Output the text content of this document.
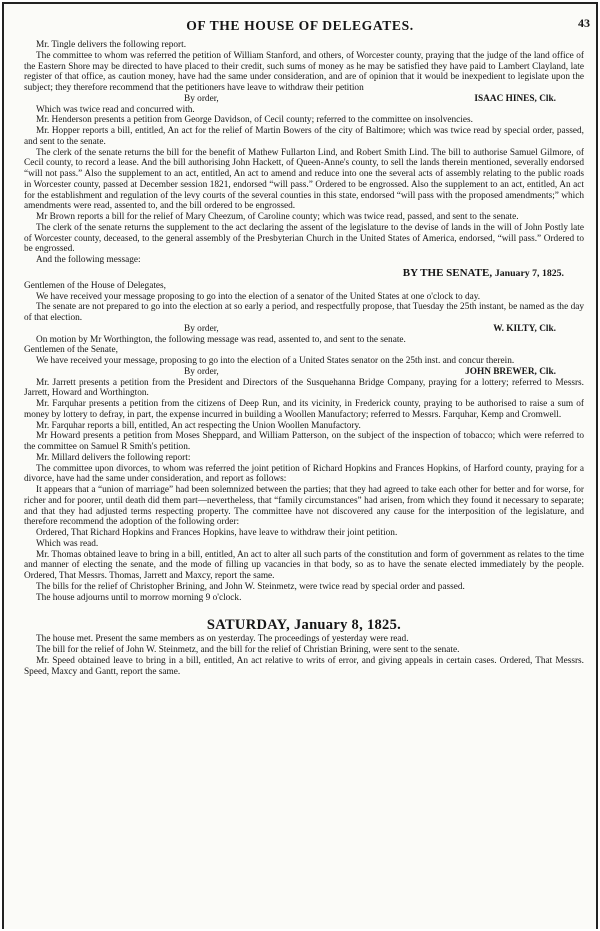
OF THE HOUSE OF DELEGATES.	43

Mr. Tingle delivers the following report.

The committee to whom was referred the petition of William Stanford, and others, of Worcester county, praying that the judge of the land office of the Eastern Shore may be directed to have placed to their credit, such sums of money as he may be satisfied they have paid to Lambert Clayland, late register of that office, as caution money, have had the same under consideration, and are of opinion that it would be inexpedient to legislate upon the subject; they therefore recommend that the petitioners have leave to withdraw their petition

By order,	ISAAC HINES, Clk.

Which was twice read and concurred with.

Mr. Henderson presents a petition from George Davidson, of Cecil county; referred to the committee on insolvencies.

Mr. Hopper reports a bill, entitled, An act for the relief of Martin Bowers of the city of Baltimore; which was twice read by special order, passed, and sent to the senate.

The clerk of the senate returns the bill for the benefit of Mathew Fullarton Lind, and Robert Smith Lind. The bill to authorise Samuel Gilmore, of Cecil county, to record a lease. And the bill authorising John Hackett, of Queen-Anne's county, to sell the lands therein mentioned, severally endorsed “will not pass.” Also the supplement to an act, entitled, An act to amend and reduce into one the several acts of assembly relating to the public roads in Worcester county, passed at December session 1821, endorsed “will pass.” Ordered to be engrossed. Also the supplement to an act, entitled, An act for the establishment and regulation of the levy courts of the several counties in this state, endorsed “will pass with the proposed amendments;” which amendments were read, assented to, and the bill ordered to be engrossed.

Mr Brown reports a bill for the relief of Mary Cheezum, of Caroline county; which was twice read, passed, and sent to the senate.

The clerk of the senate returns the supplement to the act declaring the assent of the legislature to the devise of lands in the will of John Postly late of Worcester county, deceased, to the general assembly of the Presbyterian Church in the United States of America, endorsed, “will pass.” Ordered to be engrossed.

And the following message:

BY THE SENATE, January 7, 1825.

Gentlemen of the House of Delegates,

We have received your message proposing to go into the election of a senator of the United States at one o'clock to day.

The senate are not prepared to go into the election at so early a period, and respectfully propose, that Tuesday the 25th instant, be named as the day of that election.

By order,	W. KILTY, Clk.

On motion by Mr Worthington, the following message was read, assented to, and sent to the senate.

Gentlemen of the Senate,

We have received your message, proposing to go into the election of a United States senator on the 25th inst. and concur therein.

By order,	JOHN BREWER, Clk.

Mr. Jarrett presents a petition from the President and Directors of the Susquehanna Bridge Company, praying for a lottery; referred to Messrs. Jarrett, Howard and Worthington.

Mr. Farquhar presents a petition from the citizens of Deep Run, and its vicinity, in Frederick county, praying to be authorised to raise a sum of money by lottery to defray, in part, the expense incurred in building a Woollen Manufactory; referred to Messrs. Farquhar, Kemp and Cromwell.

Mr. Farquhar reports a bill, entitled, An act respecting the Union Woollen Manufactory.

Mr Howard presents a petition from Moses Sheppard, and William Patterson, on the subject of the inspection of tobacco; which were referred to the committee on Samuel R Smith's petition.

Mr. Millard delivers the following report:

The committee upon divorces, to whom was referred the joint petition of Richard Hopkins and Frances Hopkins, of Harford county, praying for a divorce, have had the same under consideration, and report as follows:

It appears that a “union of marriage” had been solemnized between the parties; that they had agreed to take each other for better and for worse, for richer and for poorer, until death did them part—nevertheless, that “family circumstances” had arisen, from which they found it necessary to separate; and that they had adjusted terms respecting property. The committee have not discovered any cause for the interposition of the legislature, and therefore recommend the adoption of the following order:

Ordered, That Richard Hopkins and Frances Hopkins, have leave to withdraw their joint petition.

Which was read.

Mr. Thomas obtained leave to bring in a bill, entitled, An act to alter all such parts of the constitution and form of government as relates to the time and manner of electing the senate, and the mode of filling up vacancies in that body, so as to have the senate elected immediately by the people. Ordered, That Messrs. Thomas, Jarrett and Maxcy, report the same.

The bills for the relief of Christopher Brining, and John W. Steinmetz, were twice read by special order and passed.

The house adjourns until to morrow morning 9 o'clock.

SATURDAY, January 8, 1825.

The house met. Present the same members as on yesterday. The proceedings of yesterday were read.

The bill for the relief of John W. Steinmetz, and the bill for the relief of Christian Brining, were sent to the senate.

Mr. Speed obtained leave to bring in a bill, entitled, An act relative to writs of error, and giving appeals in certain cases. Ordered, That Messrs. Speed, Maxcy and Gantt, report the same.
